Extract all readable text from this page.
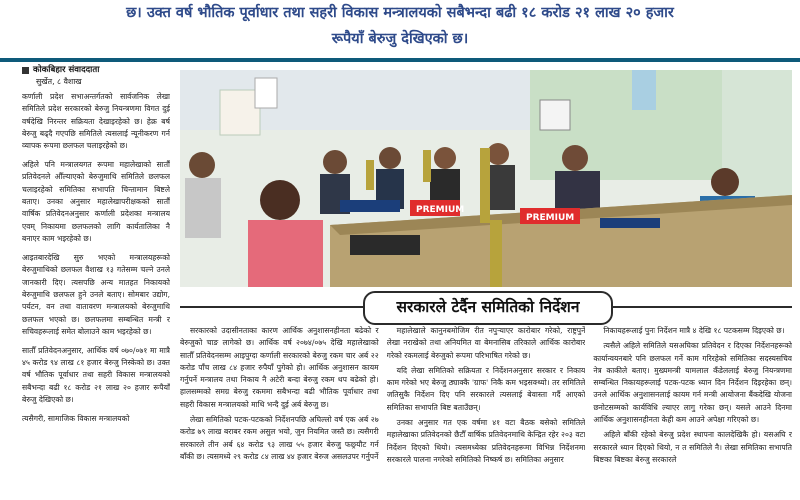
छ। उक्त वर्ष भौतिक पूर्वाधार तथा सहरी विकास मन्त्रालयको सबैभन्दा बढी १८ करोड २१ लाख २० हजार

रूपैयाँ बेरुजु देखिएको छ।

कोकबिहार संवाददाता
सुर्खेत, ८ वैशाख

कर्णाली प्रदेश सभाअन्तर्गतको सार्वजनिक लेखा समितिले प्रदेश सरकारको बेरुजु नियन्त्रणमा विगत दुई वर्षदेखि निरन्तर सक्रियता देखाइरहेको छ। हेक्र बर्ष बेरुजु बढ्दै गएपछि समितिले त्यसलाई न्यूनीकरण गर्न व्यापक रूपमा छलफल चलाइरहेको छ।

अहिले पनि मन्त्रालयगत रूपमा महालेखाको सातौँ प्रतिवेदनले औँल्याएको बेरुजुमाथि समितिले छलफल चलाइरहेको समितिका सभापति चिन्तामान बिष्टले बताए। उनका अनुसार महालेखापरीक्षकको सातौँ वार्षिक प्रतिवेदनअनुसार कर्णाली प्रदेशका मन्त्रालय एवम् निकायमा छलफलको लागि कार्यतालिका नै बनाएर काम भइरहेको छ।

आइतबारदेखि सुरु भएको मन्त्रालयहरूको बेरुजुमाथिको छलफल वैशाख १३ गतेसम्म चल्ने उनले जानकारी दिए। त्यसपछि अन्य मातहत निकायको बेरुजुमाथि छलफल हुने उनले बताए। सोमबार उद्योग, पर्यटन, वन तथा वातावरण मन्त्रालयको बेरुजुमाथि छलफल भएको छ। छलफलमा सम्बन्धित मन्त्री र सचिवहरूलाई समेत बोलाउने काम भइरहेको छ।

सातौँ प्रतिवेदनअनुसार, आर्थिक वर्ष ०७०/०७१ मा मात्रै ४५ करोड ९४ लाख ८१ हजार बेरुजु निस्केको छ। उक्त वर्ष भौतिक पूर्वाधार तथा सहरी विकास मन्त्रालयको सबैभन्दा बढी १८ करोड २१ लाख २० हजार रूपैयाँ बेरुजु देखिएको छ।

त्यसैगरी, सामाजिक विकास मन्त्रालयको

PREMIUM
PREMIUM
सरकारले टेर्दैन समितिको निर्देशन

सरकारको उदासीनताका कारण आर्थिक अनुशासनहीनता बढेको र बेरुजुको चाङ लागेको छ। आर्थिक वर्ष २०७४/०७५ देखि महालेखाको सातौँ प्रतिवेदनसम्म आइपुग्दा कर्णाली सरकारको बेरुजु रकम चार अर्ब २२ करोड पाँच लाख ८४ हजार रुपैयाँ पुगेको हो। आर्थिक अनुशासन कायम गर्नुपर्ने मन्त्रालय तथा निकाय नै अटेरी बन्दा बेरुजु रकम थप बढेको हो। हालसम्मको समग्र बेरुजु रकममा सबैभन्दा बढी भौतिक पूर्वाधार तथा सहरी विकास मन्त्रालयको माथि भन्दै दुई अर्ब बेरुजु छ।

लेखा समितिको पटक-पटकको निर्देशनपछि अघिल्लो वर्ष एक अर्ब २७ करोड ७९ लाख बराबर रकम असुल भयो, जुन नियमित जस्तै छ। त्यसैगरी सरकारले तीन अर्ब ६४ करोड ९३ लाख ५५ हजार बेरुजु फछ्र्यौट गर्न बाँकी छ। त्यसमध्ये २९ करोड ८४ लाख ४४ हजार बेरुज असलउपर गर्नुपर्ने

महालेखाले कानुनबमोजिम रीत नपुऱ्याएर कारोबार गरेको, राष्ट्रपुर्ने लेखा नराखेको तथा अनियमित वा बेमनासिब तरिकाले आर्थिक कारोबार गरेको रकमलाई बेरुजुको रूपमा परिभाषित गरेको छ।

यदि लेखा समितिको सक्रियता र निर्देशनअनुसार सरकार र निकाय काम गरेको भए बेरुजु ठ्याक्कै 'ग्राफ' निकै कम भइसक्थ्यो। तर समितिले जतिसुकै निर्देशन दिए पनि सरकारले त्यसलाई बेवास्ता गर्दै आएको समितिका सभापति बिष्ट बताउँछन्।

उनका अनुसार गत एक वर्षमा ४१ वटा बैठक बसेको समितिले महालेखाका प्रतिवेदनको छैटौँ वार्षिक प्रतिवेदनमाथि केन्द्रित रहेर २०३ वटा निर्देशन दिएको थियो। त्यसमध्येका प्रतिवेदनहरूमा विभिन्न निर्देशनमा सरकारले पालना नगरेको समितिको निष्कर्ष छ। समितिका अनुसार

निकायहरूलाई पुनः निर्देशन मात्रै ४ देखि १८ पटकसम्म दिइएको छ।

त्यसैले अहिले समितिले यसअघिका प्रतिवेदन र दिएका निर्देशनहरूको कार्यान्वयनबारे पनि छलफल गर्ने काम गरिरहेको समितिका सदस्यसचिव नेत्र काकीले बताए। मुख्यमन्त्री यामलाल कँडेललाई बेरुजु नियन्त्रणमा सम्बन्धित निकायहरूलाई पटक-पटक ध्यान दिन निर्देशन दिइरहेका छन्। उनले आर्थिक अनुशासनलाई कायम गर्न मन्त्री आयोजना बैंकदेखि योजना छनोटसम्मको कार्यविधि ल्याएर लागु गरेका छन्। यसले आउने दिनमा आर्थिक अनुशासनहीनता केही कम आउने अपेक्षा गरिएको छ।

अहिले बाँकी रहेको बेरुजु प्रदेश स्थापना कालदेखिकै हो। यसअघि र सरकारले ध्यान दिएको थियो, न त समितिले नै। लेखा समितिका सभापति बिष्टका बिष्टका बेरुजु सरकारले
